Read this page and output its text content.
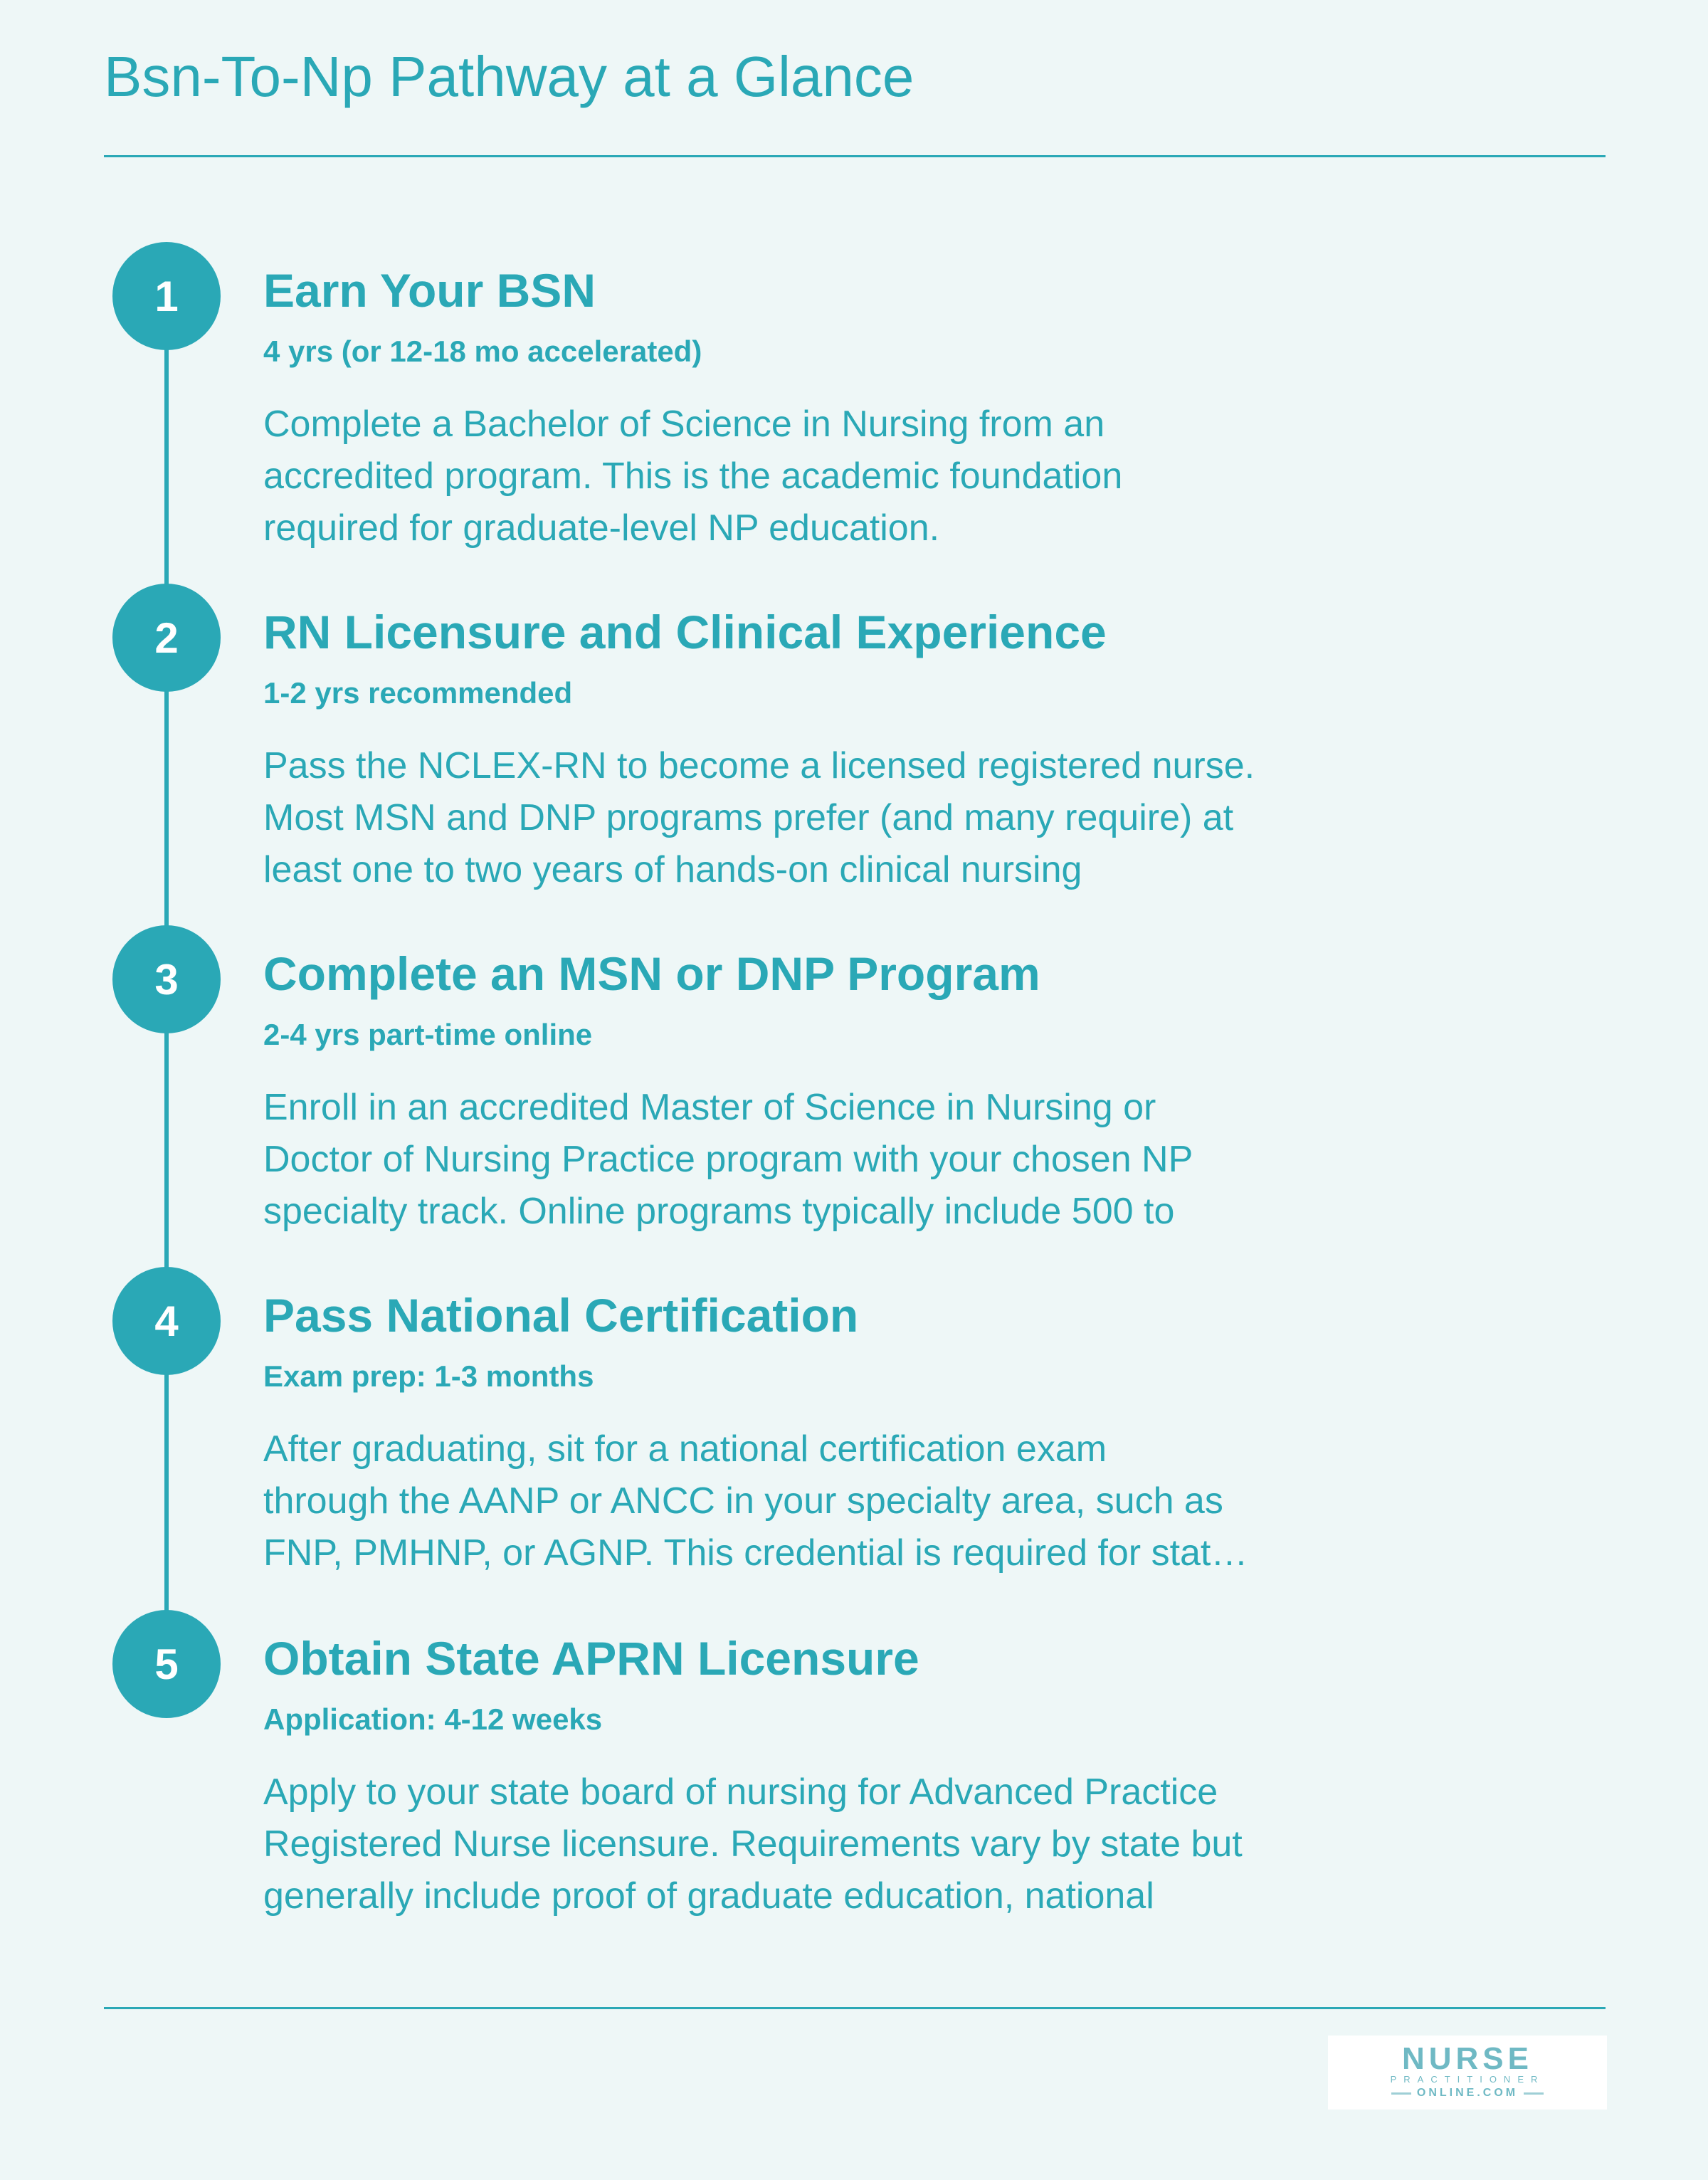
Bsn-To-Np Pathway at a Glance
1	Earn Your BSN
4 yrs (or 12-18 mo accelerated)
Complete a Bachelor of Science in Nursing from an
accredited program. This is the academic foundation
required for graduate-level NP education.
2	RN Licensure and Clinical Experience
1-2 yrs recommended
Pass the NCLEX-RN to become a licensed registered nurse.
Most MSN and DNP programs prefer (and many require) at
least one to two years of hands-on clinical nursing
3	Complete an MSN or DNP Program
2-4 yrs part-time online
Enroll in an accredited Master of Science in Nursing or
Doctor of Nursing Practice program with your chosen NP
specialty track. Online programs typically include 500 to
4	Pass National Certification
Exam prep: 1-3 months
After graduating, sit for a national certification exam
through the AANP or ANCC in your specialty area, such as
FNP, PMHNP, or AGNP. This credential is required for stat…
5	Obtain State APRN Licensure
Application: 4-12 weeks
Apply to your state board of nursing for Advanced Practice
Registered Nurse licensure. Requirements vary by state but
generally include proof of graduate education, national
NURSE
PRACTITIONER
ONLINE.COM
